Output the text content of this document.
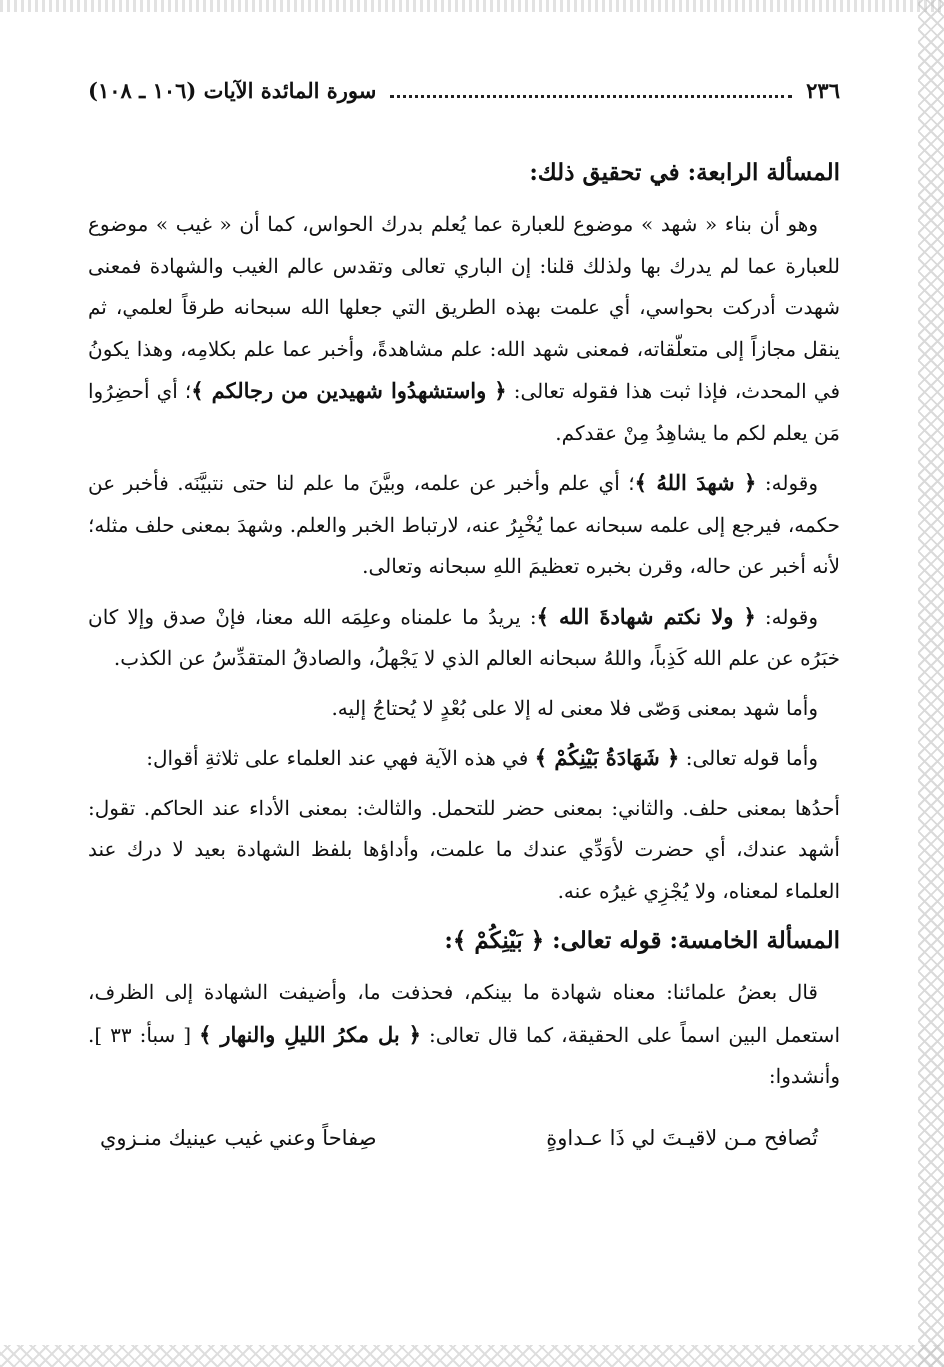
٢٣٦
سورة المائدة الآيات (١٠٦ ـ ١٠٨)
المسألة الرابعة: في تحقيق ذلك:

وهو أن بناء « شهد » موضوع للعبارة عما يُعلم بدرك الحواس، كما أن « غيب » موضوع للعبارة عما لم يدرك بها ولذلك قلنا: إن الباري تعالى وتقدس عالم الغيب والشهادة فمعنى شهدت أدركت بحواسي، أي علمت بهذه الطريق التي جعلها الله سبحانه طرقاً لعلمي، ثم ينقل مجازاً إلى متعلّقاته، فمعنى شهد الله: علم مشاهدةً، وأخبر عما علم بكلامِه، وهذا يكونُ في المحدث، فإذا ثبت هذا فقوله تعالى: ﴿ واستشهدُوا شهيدين من رجالكم ﴾؛ أي أحضِرُوا مَن يعلم لكم ما يشاهِدُ مِنْ عقدكم.

وقوله: ﴿ شهدَ اللهُ ﴾؛ أي علم وأخبر عن علمه، وبيَّنَ ما علم لنا حتى نتبيَّنَه. فأخبر عن حكمه، فيرجع إلى علمه سبحانه عما يُخْبِرُ عنه، لارتباط الخبر والعلم. وشهدَ بمعنى حلف مثله؛ لأنه أخبر عن حاله، وقرن بخبره تعظيمَ اللهِ سبحانه وتعالى.

وقوله: ﴿ ولا نكتم شهادةَ الله ﴾: يريدُ ما علمناه وعلِمَه الله معنا، فإنْ صدق وإلا كان خبَرُه عن علم الله كَذِباً، واللهُ سبحانه العالم الذي لا يَجْهلُ، والصادقُ المتقدِّسُ عن الكذب.

وأما شهد بمعنى وَصّى فلا معنى له إلا على بُعْدٍ لا يُحتاجُ إليه.

وأما قوله تعالى: ﴿ شَهَادَةُ بَيْنِكُمْ ﴾ في هذه الآية فهي عند العلماء على ثلاثةِ أقوال:

أحدُها بمعنى حلف. والثاني: بمعنى حضر للتحمل. والثالث: بمعنى الأداء عند الحاكم. تقول: أشهد عندك، أي حضرت لأوَدِّي عندك ما علمت، وأداؤها بلفظ الشهادة بعيد لا درك عند العلماء لمعناه، ولا يُجْزِي غيرُه عنه.

المسألة الخامسة: قوله تعالى: ﴿ بَيْنِكُمْ ﴾:

قال بعضُ علمائنا: معناه شهادة ما بينكم، فحذفت ما، وأضيفت الشهادة إلى الظرف، استعمل البين اسماً على الحقيقة، كما قال تعالى: ﴿ بل مكرُ الليلِ والنهار ﴾ [ سبأ: ٣٣ ]. وأنشدوا:

تُصافح مـن لاقيـتَ لي ذَا عـداوةٍ
صِفاحاً وعني غيب عينيك منـزوي
